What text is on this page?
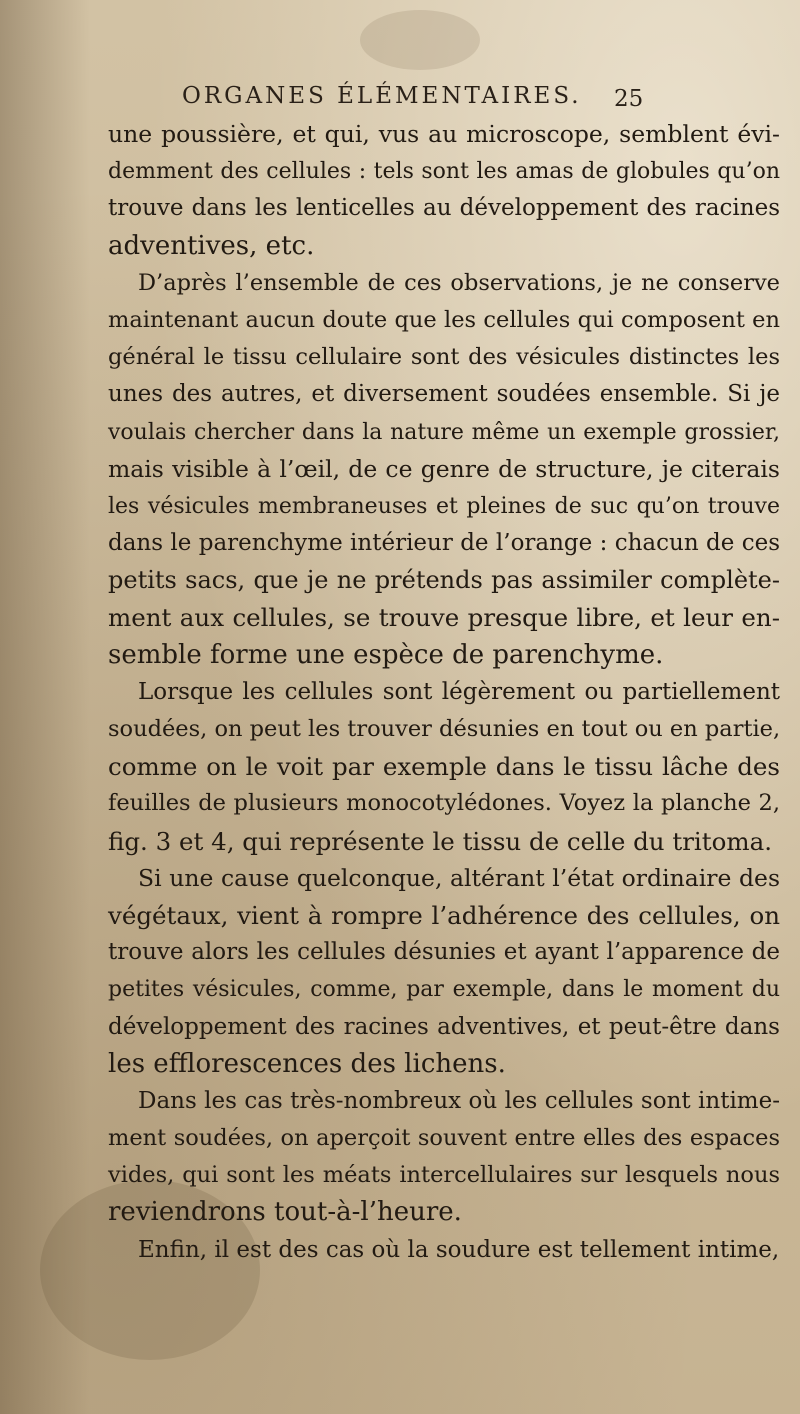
ORGANES ÉLÉMENTAIRES.	25
une poussière, et qui, vus au microscope, semblent évi-
demment des cellules : tels sont les amas de globules qu’on
trouve dans les lenticelles au développement des racines
adventives, etc.
D’après l’ensemble de ces observations, je ne conserve
maintenant aucun doute que les cellules qui composent en
général le tissu cellulaire sont des vésicules distinctes les
unes des autres, et diversement soudées ensemble. Si je
voulais chercher dans la nature même un exemple grossier,
mais visible à l’œil, de ce genre de structure, je citerais
les vésicules membraneuses et pleines de suc qu’on trouve
dans le parenchyme intérieur de l’orange : chacun de ces
petits sacs, que je ne prétends pas assimiler complète-
ment aux cellules, se trouve presque libre, et leur en-
semble forme une espèce de parenchyme.
Lorsque les cellules sont légèrement ou partiellement
soudées, on peut les trouver désunies en tout ou en partie,
comme on le voit par exemple dans le tissu lâche des
feuilles de plusieurs monocotylédones. Voyez la planche 2,
fig. 3 et 4, qui représente le tissu de celle du tritoma.
Si une cause quelconque, altérant l’état ordinaire des
végétaux, vient à rompre l’adhérence des cellules, on
trouve alors les cellules désunies et ayant l’apparence de
petites vésicules, comme, par exemple, dans le moment du
développement des racines adventives, et peut-être dans
les efflorescences des lichens.
Dans les cas très-nombreux où les cellules sont intime-
ment soudées, on aperçoit souvent entre elles des espaces
vides, qui sont les méats intercellulaires sur lesquels nous
reviendrons tout-à-l’heure.
Enfin, il est des cas où la soudure est tellement intime,
